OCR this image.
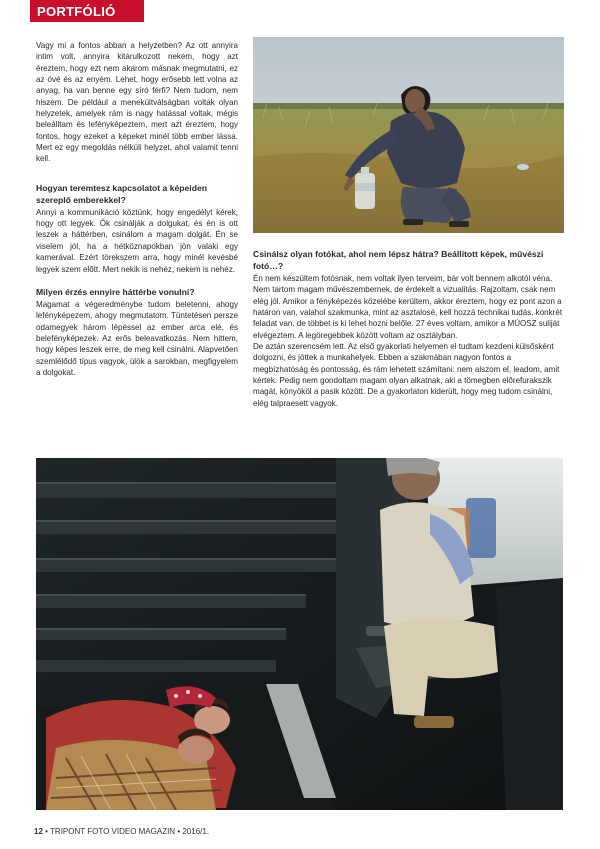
PORTFÓLIÓ

Vagy mi a fontos abban a helyzetben? Az ott annyira intim volt, annyira kitárulkozott nekem, hogy azt éreztem, hogy ezt nem akarom másnak megmutatni, ez az övé és az enyém. Lehet, hogy erősebb lett volna az anyag, ha van benne egy síró férfi? Nem tudom, nem hiszem. De például a menekültválságban voltak olyan helyzetek, amelyek rám is nagy hatással voltak, mégis beleálltam és lefényképeztem, mert azt éreztem, hogy fontos, hogy ezeket a képeket minél több ember lássa. Mert ez egy megoldás nélküli helyzet, ahol valamit tenni kell.

Hogyan teremtesz kapcsolatot a képeiden szereplő emberekkel?

Annyi a kommunikáció köztünk, hogy engedélyt kérek, hogy ott legyek. Ők csinálják a dolgukat, és én is ott leszek a háttérben, csinálom a magam dolgát. Én se viselem jól, ha a hétköznapokban jön valaki egy kamerával. Ezért törekszem arra, hogy minél kevésbé legyek szem előtt. Mert nekik is nehéz, nekem is nehéz.

Milyen érzés ennyire háttérbe vonulni?

Magamat a végeredménybe tudom beletenni, ahogy lefényképezem, ahogy megmutatom. Tüntetésen persze odamegyek három lépéssel az ember arca elé, és belefényképezek. Az erős beleavatkozás. Nem hittem, hogy képes leszek erre, de meg kell csinálni. Alapvetően szemlélődő típus vagyok, ülök a sarokban, megfigyelem a dolgokat.

Csinálsz olyan fotókat, ahol nem lépsz hátra? Beállított képek, művészi fotó…?

Én nem készültem fotósnak, nem voltak ilyen terveim, bár volt bennem alkotói véna. Nem tartom magam művészembernek, de érdekelt a vizualitás. Rajzoltam, csak nem elég jól. Amikor a fényképezés közelébe kerültem, akkor éreztem, hogy ez pont azon a határon van, valahol szakmunka, mint az asztalosé, kell hozzá technikai tudás, konkrét feladat van, de többet is ki lehet hozni belőle. 27 éves voltam, amikor a MÚOSZ suliját elvégeztem. A legöregebbek között voltam az osztályban.

De aztán szerencsém lett. Az első gyakorlati helyemen el tudtam kezdeni külsősként dolgozni, és jöttek a munkahelyek. Ebben a szakmában nagyon fontos a megbízhatóság és pontosság, és rám lehetett számítani: nem alszom el, leadom, amit kértek. Pedig nem gondoltam magam olyan alkatnak, aki a tömegben előrefurakszik magát, könyököl a pasik között. De a gyakorlaton kiderült, hogy meg tudom csinálni, elég talpraesett vagyok.

12 • TRIPONT FOTO VIDEO MAGAZIN • 2016/1.
